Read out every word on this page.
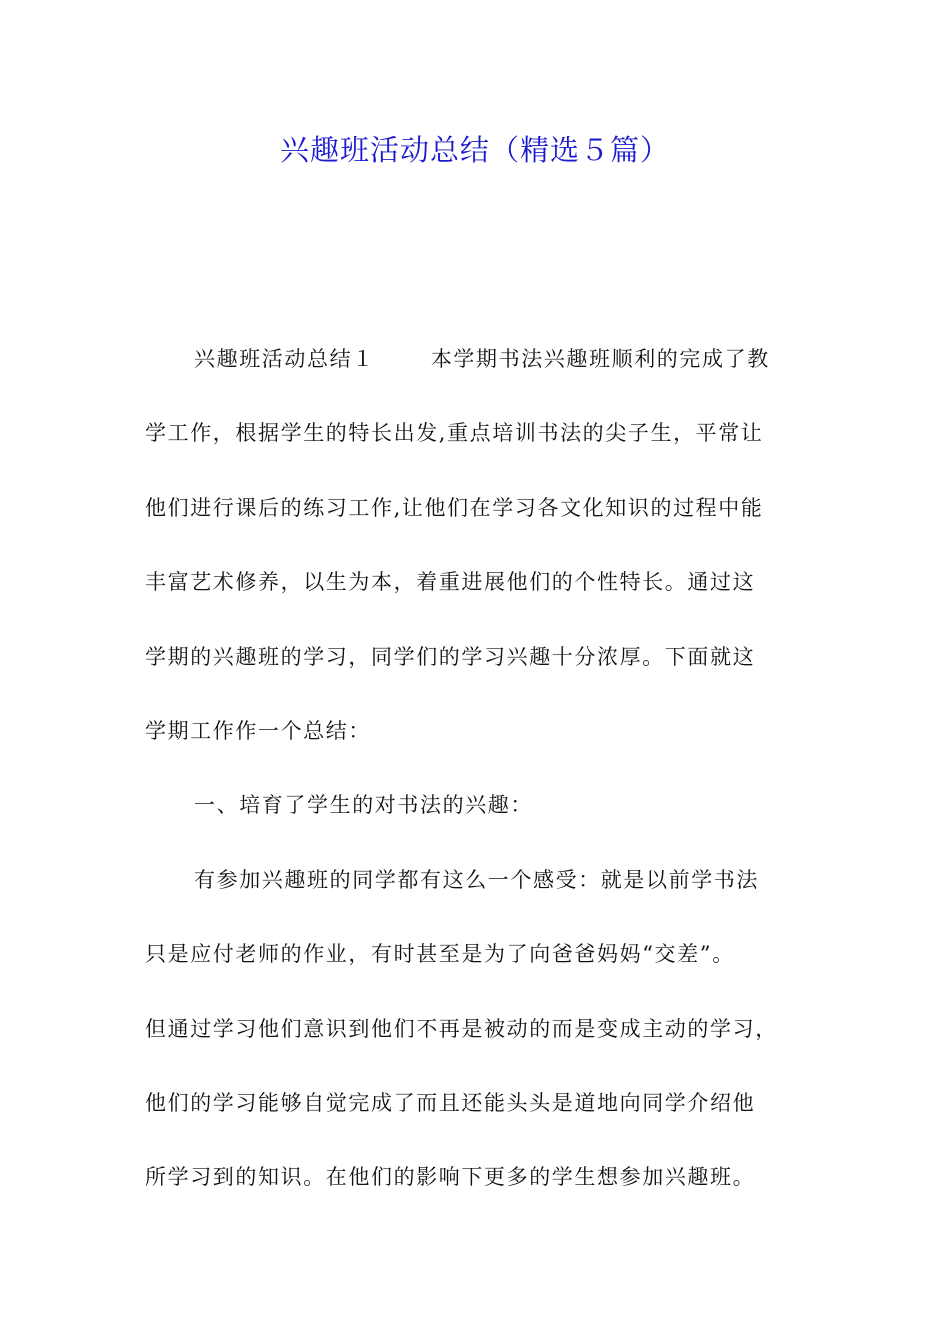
兴趣班活动总结（精选５篇）
兴趣班活动总结１	本学期书法兴趣班顺利的完成了教
学工作，根据学生的特长出发,重点培训书法的尖子生，平常让
他们进行课后的练习工作,让他们在学习各文化知识的过程中能
丰富艺术修养，以生为本，着重进展他们的个性特长。通过这
学期的兴趣班的学习，同学们的学习兴趣十分浓厚。下面就这
学期工作作一个总结：
一、培育了学生的对书法的兴趣：
有参加兴趣班的同学都有这么一个感受：就是以前学书法
只是应付老师的作业，有时甚至是为了向爸爸妈妈“交差”。
但通过学习他们意识到他们不再是被动的而是变成主动的学习，
他们的学习能够自觉完成了而且还能头头是道地向同学介绍他
所学习到的知识。在他们的影响下更多的学生想参加兴趣班。
